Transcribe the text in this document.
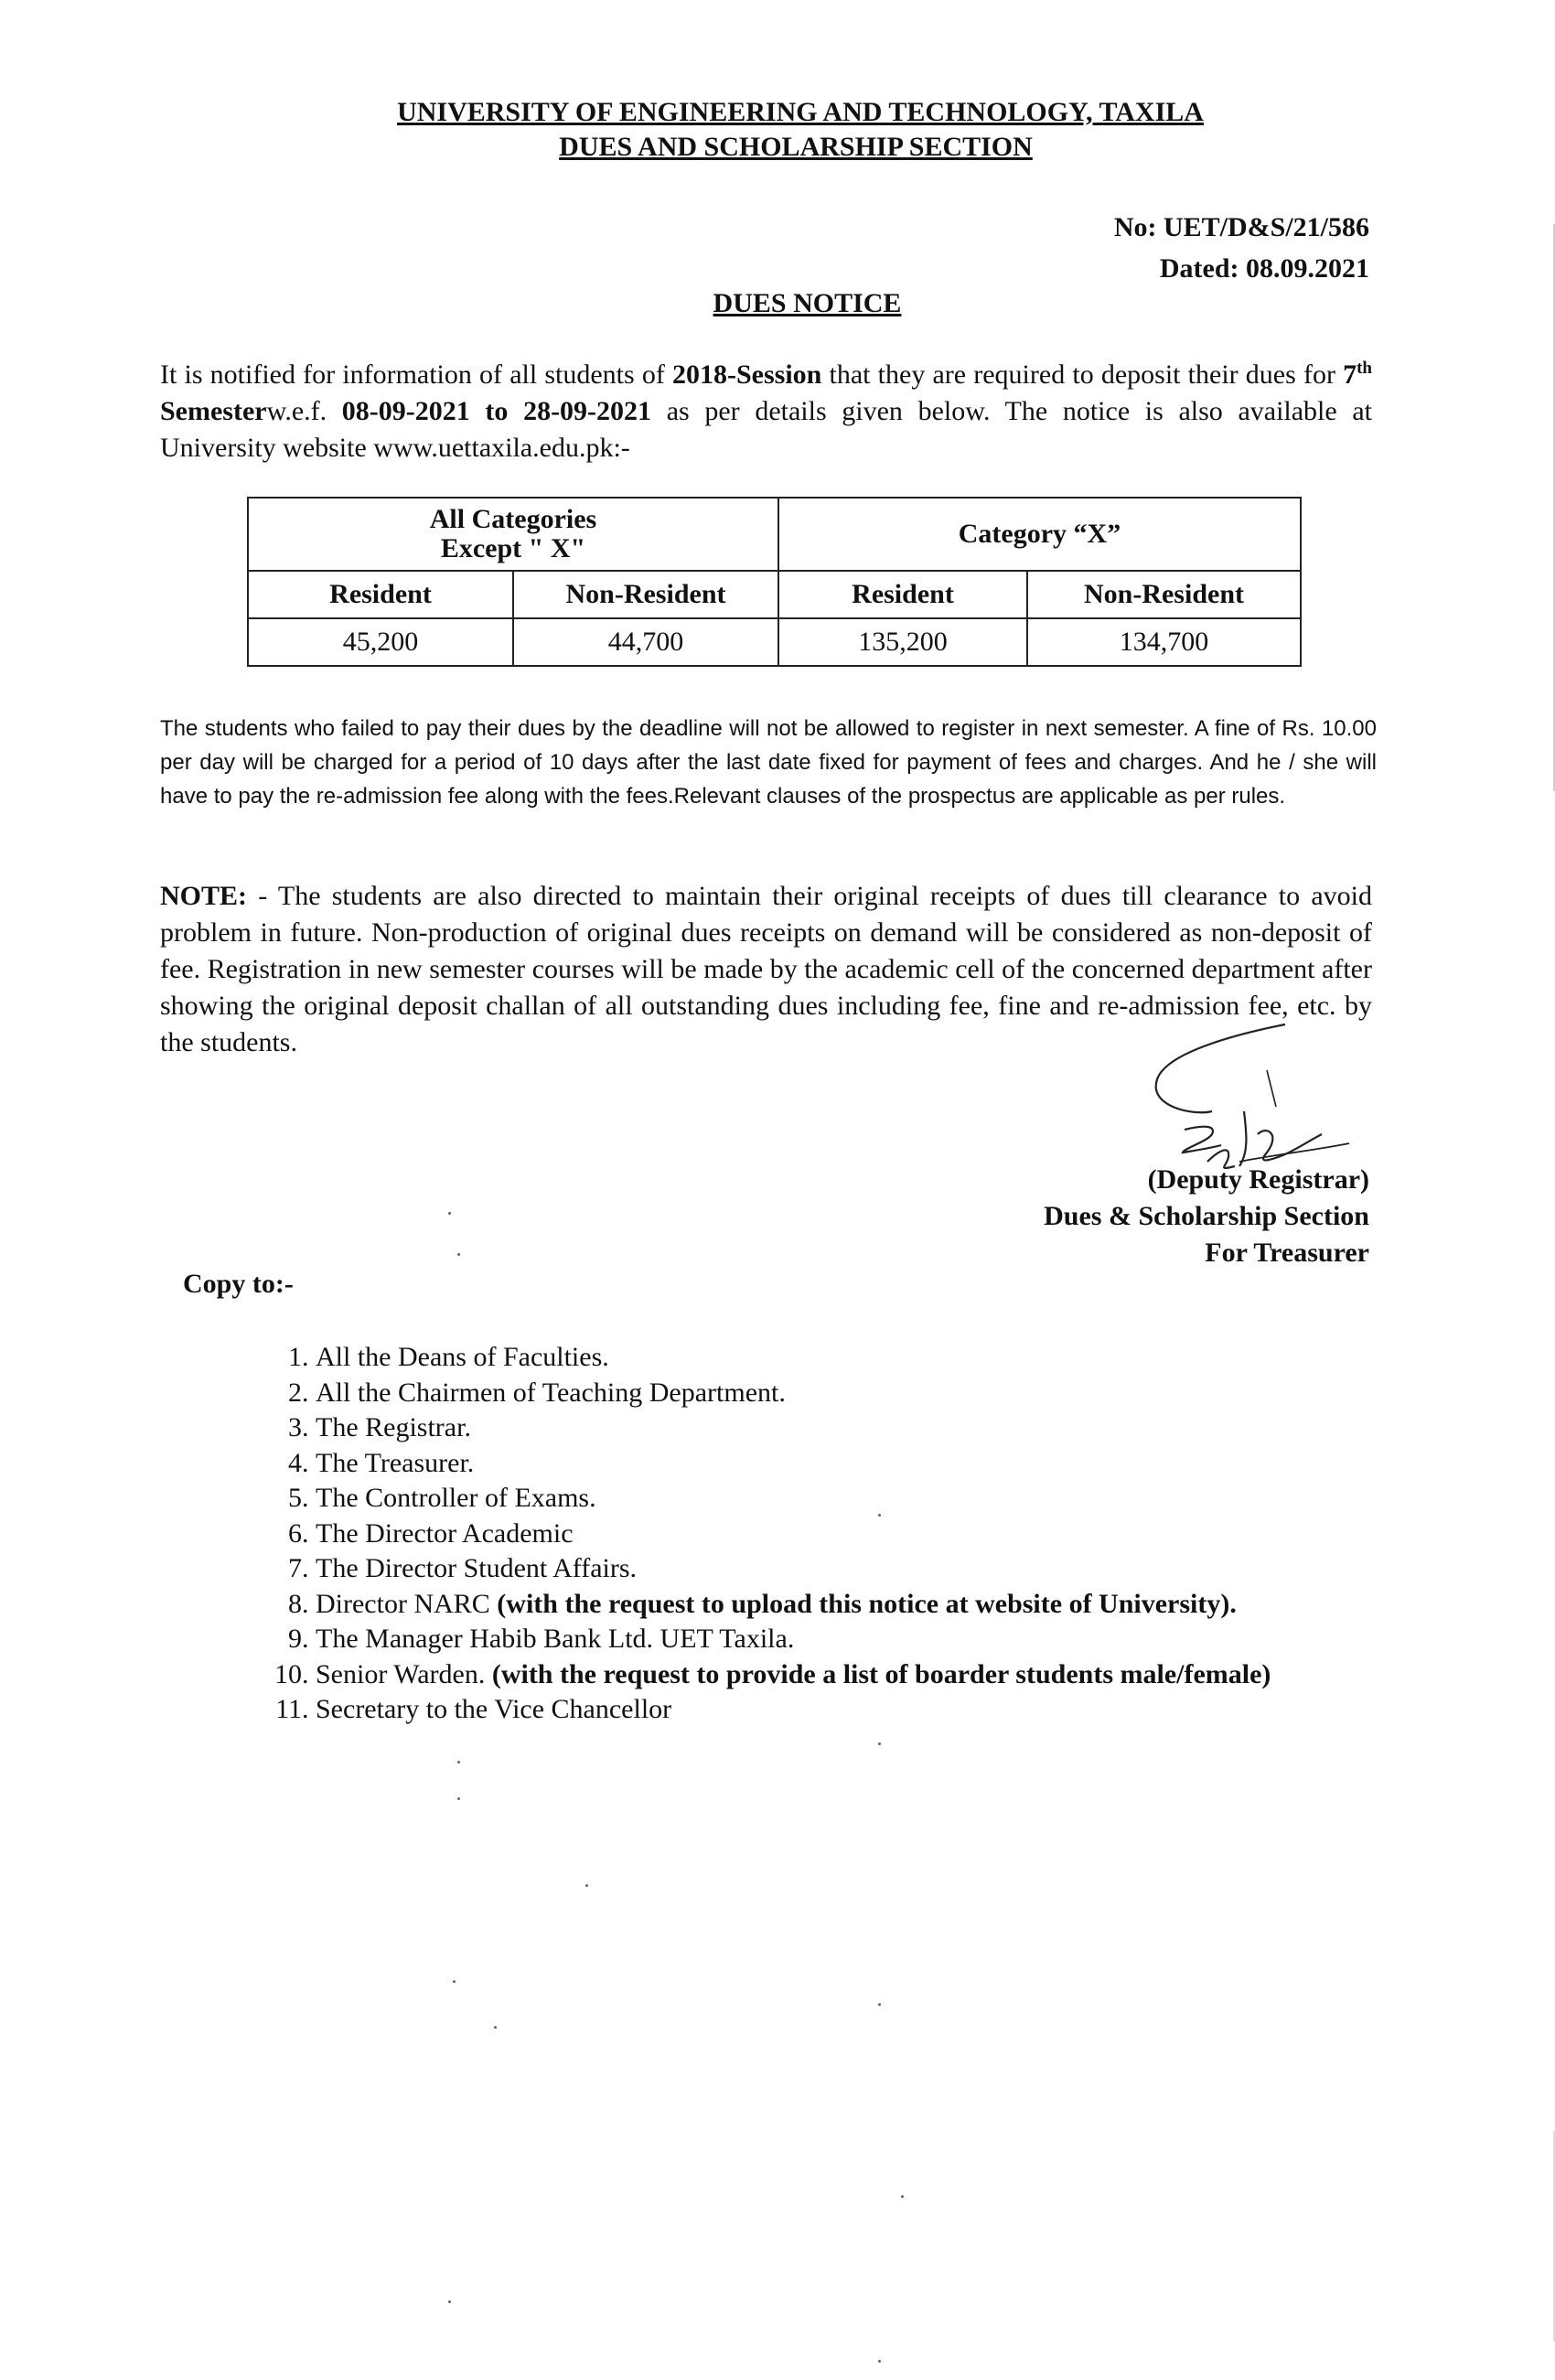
UNIVERSITY OF ENGINEERING AND TECHNOLOGY, TAXILA
DUES AND SCHOLARSHIP SECTION
No: UET/D&S/21/586
Dated: 08.09.2021
DUES NOTICE
It is notified for information of all students of 2018-Session that they are required to deposit their dues for 7th Semesterw.e.f. 08-09-2021 to 28-09-2021 as per details given below. The notice is also available at University website www.uettaxila.edu.pk:-
All Categories
Except " X"		Category “X”	
Resident	Non-Resident	Resident	Non-Resident
45,200	44,700	135,200	134,700
The students who failed to pay their dues by the deadline will not be allowed to register in next semester. A fine of Rs. 10.00 per day will be charged for a period of 10 days after the last date fixed for payment of fees and charges. And he / she will have to pay the re-admission fee along with the fees.Relevant clauses of the prospectus are applicable as per rules.
NOTE: - The students are also directed to maintain their original receipts of dues till clearance to avoid problem in future. Non-production of original dues receipts on demand will be considered as non-deposit of fee. Registration in new semester courses will be made by the academic cell of the concerned department after showing the original deposit challan of all outstanding dues including fee, fine and re-admission fee, etc. by the students.
(Deputy Registrar)
Dues & Scholarship Section
For Treasurer
Copy to:-
1. All the Deans of Faculties.
2. All the Chairmen of Teaching Department.
3. The Registrar.
4. The Treasurer.
5. The Controller of Exams.
6. The Director Academic
7. The Director Student Affairs.
8. Director NARC (with the request to upload this notice at website of University).
9. The Manager Habib Bank Ltd. UET Taxila.
10. Senior Warden. (with the request to provide a list of boarder students male/female)
11. Secretary to the Vice Chancellor
